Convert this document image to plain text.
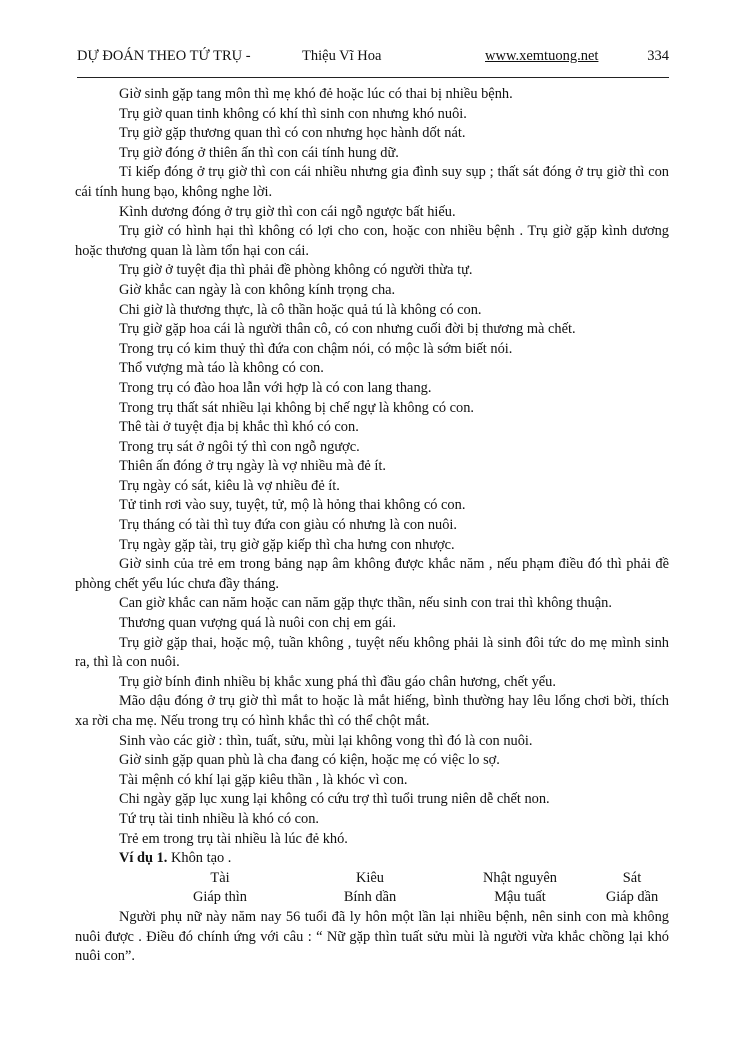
DỰ ĐOÁN THEO TỨ TRỤ -	Thiệu Vĩ Hoa	www.xemtuong.net	334

Giờ sinh gặp tang môn thì mẹ khó đẻ hoặc lúc có thai bị nhiều bệnh.

Trụ giờ quan tinh không có khí thì sinh con nhưng khó nuôi.

Trụ giờ gặp thương quan thì có con nhưng học hành dốt nát.

Trụ giờ đóng ở thiên ấn thì con cái tính hung dữ.

Tỉ kiếp đóng ở trụ giờ thì con cái nhiều nhưng gia đình suy sụp ; thất sát đóng ở trụ giờ thì con cái tính hung bạo, không nghe lời.

Kình dương đóng ở trụ giờ thì con cái ngỗ ngược bất hiếu.

Trụ giờ có hình hại thì không có lợi cho con, hoặc con nhiều bệnh . Trụ giờ gặp kình dương hoặc thương quan là làm tổn hại con cái.

Trụ giờ ở tuyệt địa thì phải đề phòng không có người thừa tự.

Giờ khắc can ngày là con không kính trọng cha.

Chi giờ là thương thực, là cô thần hoặc quả tú là không có con.

Trụ giờ gặp hoa cái là người thân cô, có con nhưng cuối đời bị thương mà chết.

Trong trụ có kim thuỷ thì đứa con chậm nói, có mộc là sớm biết nói.

Thổ vượng mà táo là không có con.

Trong trụ có đào hoa lẫn với hợp là có con lang thang.

Trong trụ thất sát nhiều lại không bị chế ngự là không có con.

Thê tài ở tuyệt địa bị khắc thì khó có con.

Trong trụ sát ở ngôi tý thì con ngỗ ngược.

Thiên ấn đóng ở trụ ngày là vợ nhiều mà đẻ ít.

Trụ ngày có sát, kiêu là vợ nhiều đẻ ít.

Tử tinh rơi vào suy, tuyệt, tử, mộ là hỏng thai không có con.

Trụ tháng có tài thì tuy đứa con giàu có nhưng là con nuôi.

Trụ ngày gặp tài, trụ giờ gặp kiếp thì cha hưng con nhược.

Giờ sinh của trẻ em trong bảng nạp âm không được khắc năm , nếu phạm điều đó thì phải đề phòng chết yểu lúc chưa đầy tháng.

Can giờ khắc can năm hoặc can năm gặp thực thần, nếu sinh con trai thì không thuận.

Thương quan vượng quá là nuôi con chị em gái.

Trụ giờ gặp thai, hoặc mộ, tuần không , tuyệt nếu không phải là sinh đôi tức do mẹ mình sinh ra, thì là con nuôi.

Trụ giờ bính đinh nhiều bị khắc xung phá thì đầu gáo chân hương, chết yểu.

Mão dậu đóng ở trụ giờ thì mắt to hoặc là mắt hiếng, bình thường hay lêu lổng chơi bời, thích xa rời cha mẹ. Nếu trong trụ có hình khắc thì có thể chột mắt.

Sinh vào các giờ : thìn, tuất, sửu, mùi lại không vong thì đó là con nuôi.

Giờ sinh gặp quan phù là cha đang có kiện, hoặc mẹ có việc lo sợ.

Tài mệnh có khí lại gặp kiêu thần , là khóc vì con.

Chi ngày gặp lục xung lại không có cứu trợ thì tuổi trung niên dễ chết non.

Tứ trụ tài tinh nhiều là khó có con.

Trẻ em trong trụ tài nhiều là lúc đẻ khó.

Ví dụ 1. Khôn tạo .

Tài	Kiêu	Nhật nguyên	Sát
Giáp thìn	Bính dần	Mậu tuất	Giáp dần

Người phụ nữ này năm nay 56 tuổi đã ly hôn một lần lại nhiều bệnh, nên sinh con mà không nuôi được . Điều đó chính ứng với câu : “ Nữ gặp thìn tuất sửu mùi là người vừa khắc chồng lại khó nuôi con”.
